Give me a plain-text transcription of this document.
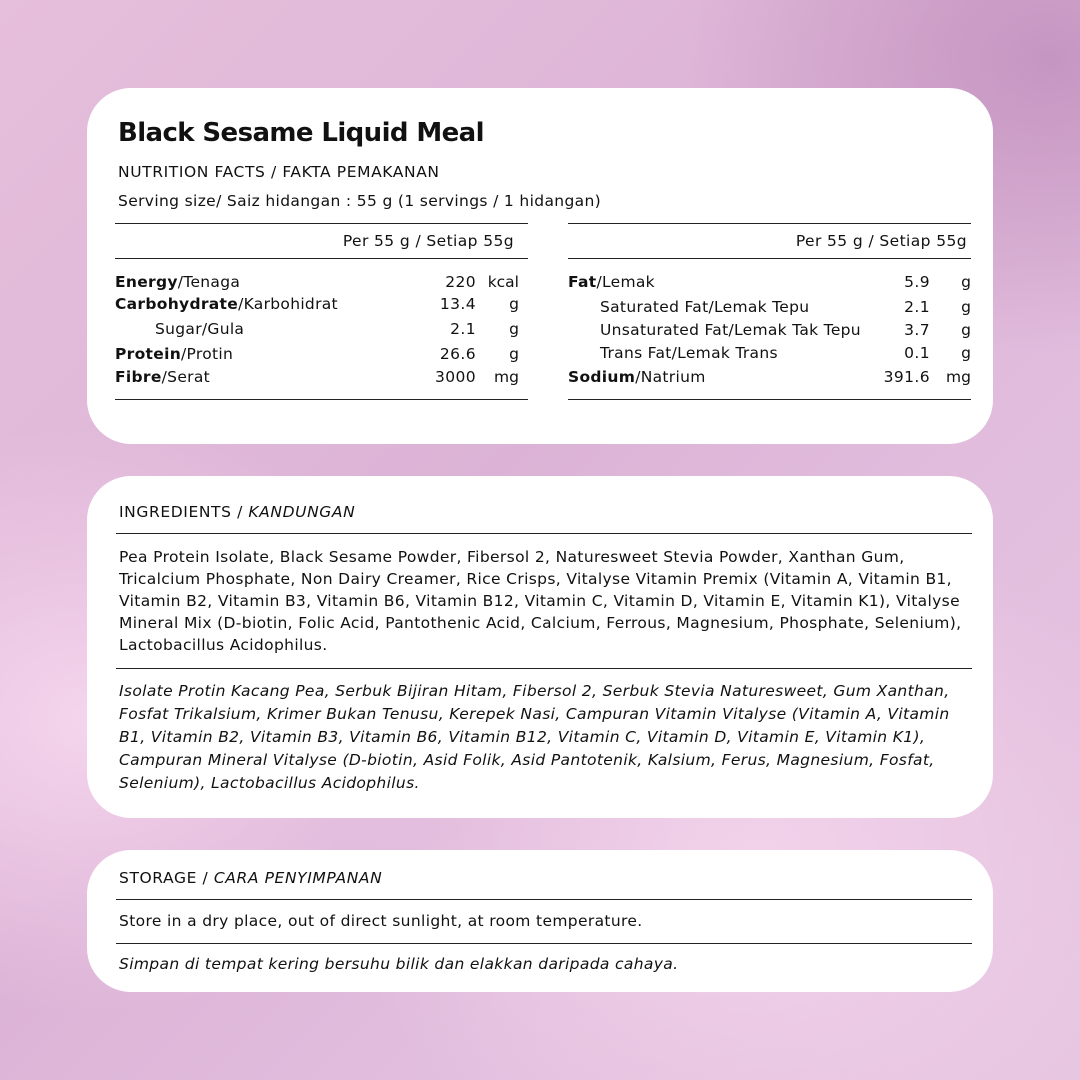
Black Sesame Liquid Meal
NUTRITION FACTS / FAKTA PEMAKANAN
Serving size/ Saiz hidangan : 55 g (1 servings / 1 hidangan)
Per 55 g / Setiap 55g
Energy/Tenaga	220 kcal
Carbohydrate/Karbohidrat	13.4 g
Sugar/Gula	2.1 g
Protein/Protin	26.6 g
Fibre/Serat	3000 mg
Per 55 g / Setiap 55g
Fat/Lemak	5.9 g
Saturated Fat/Lemak Tepu	2.1 g
Unsaturated Fat/Lemak Tak Tepu	3.7 g
Trans Fat/Lemak Trans	0.1 g
Sodium/Natrium	391.6 mg
INGREDIENTS / KANDUNGAN
Pea Protein Isolate, Black Sesame Powder, Fibersol 2, Naturesweet Stevia Powder, Xanthan Gum, Tricalcium Phosphate, Non Dairy Creamer, Rice Crisps, Vitalyse Vitamin Premix (Vitamin A, Vitamin B1, Vitamin B2, Vitamin B3, Vitamin B6, Vitamin B12, Vitamin C, Vitamin D, Vitamin E, Vitamin K1), Vitalyse Mineral Mix (D-biotin, Folic Acid, Pantothenic Acid, Calcium, Ferrous, Magnesium, Phosphate, Selenium), Lactobacillus Acidophilus.
Isolate Protin Kacang Pea, Serbuk Bijiran Hitam, Fibersol 2, Serbuk Stevia Naturesweet, Gum Xanthan, Fosfat Trikalsium, Krimer Bukan Tenusu, Kerepek Nasi, Campuran Vitamin Vitalyse (Vitamin A, Vitamin B1, Vitamin B2, Vitamin B3, Vitamin B6, Vitamin B12, Vitamin C, Vitamin D, Vitamin E, Vitamin K1), Campuran Mineral Vitalyse (D-biotin, Asid Folik, Asid Pantotenik, Kalsium, Ferus, Magnesium, Fosfat, Selenium), Lactobacillus Acidophilus.
STORAGE / CARA PENYIMPANAN
Store in a dry place, out of direct sunlight, at room temperature.
Simpan di tempat kering bersuhu bilik dan elakkan daripada cahaya.
